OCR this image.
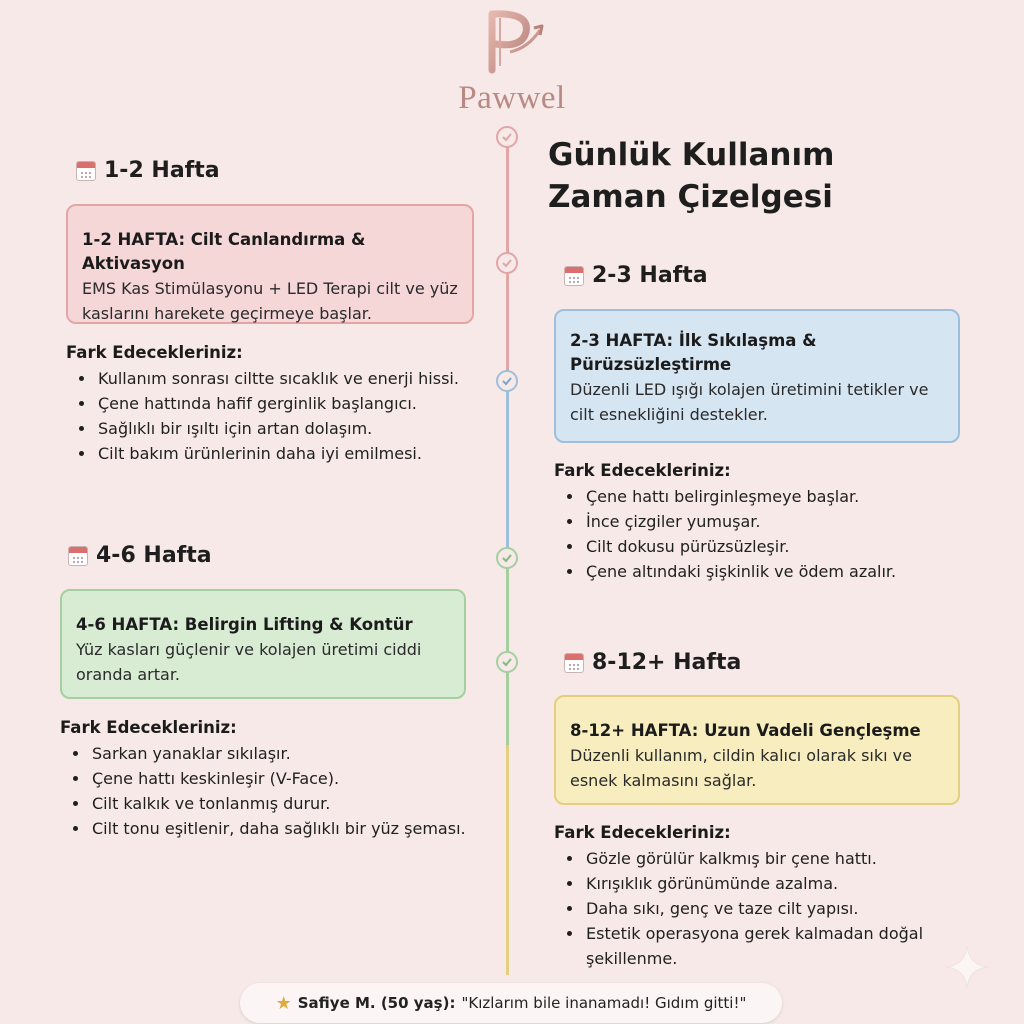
Pawwel
Günlük Kullanım
Zaman Çizelgesi
1-2 Hafta
1-2 HAFTA: Cilt Canlandırma & Aktivasyon
EMS Kas Stimülasyonu + LED Terapi cilt ve yüz kaslarını harekete geçirmeye başlar.
Fark Edecekleriniz:
• Kullanım sonrası ciltte sıcaklık ve enerji hissi.
• Çene hattında hafif gerginlik başlangıcı.
• Sağlıklı bir ışıltı için artan dolaşım.
• Cilt bakım ürünlerinin daha iyi emilmesi.
2-3 Hafta
2-3 HAFTA: İlk Sıkılaşma & Pürüzsüzleştirme
Düzenli LED ışığı kolajen üretimini tetikler ve cilt esnekliğini destekler.
Fark Edecekleriniz:
• Çene hattı belirginleşmeye başlar.
• İnce çizgiler yumuşar.
• Cilt dokusu pürüzsüzleşir.
• Çene altındaki şişkinlik ve ödem azalır.
4-6 Hafta
4-6 HAFTA: Belirgin Lifting & Kontür
Yüz kasları güçlenir ve kolajen üretimi ciddi oranda artar.
Fark Edecekleriniz:
• Sarkan yanaklar sıkılaşır.
• Çene hattı keskinleşir (V-Face).
• Cilt kalkık ve tonlanmış durur.
• Cilt tonu eşitlenir, daha sağlıklı bir yüz şeması.
8-12+ Hafta
8-12+ HAFTA: Uzun Vadeli Gençleşme
Düzenli kullanım, cildin kalıcı olarak sıkı ve esnek kalmasını sağlar.
Fark Edecekleriniz:
• Gözle görülür kalkmış bir çene hattı.
• Kırışıklık görünümünde azalma.
• Daha sıkı, genç ve taze cilt yapısı.
• Estetik operasyona gerek kalmadan doğal şekillenme.
★ Safiye M. (50 yaş): "Kızlarım bile inanamadı! Gıdım gitti!"
